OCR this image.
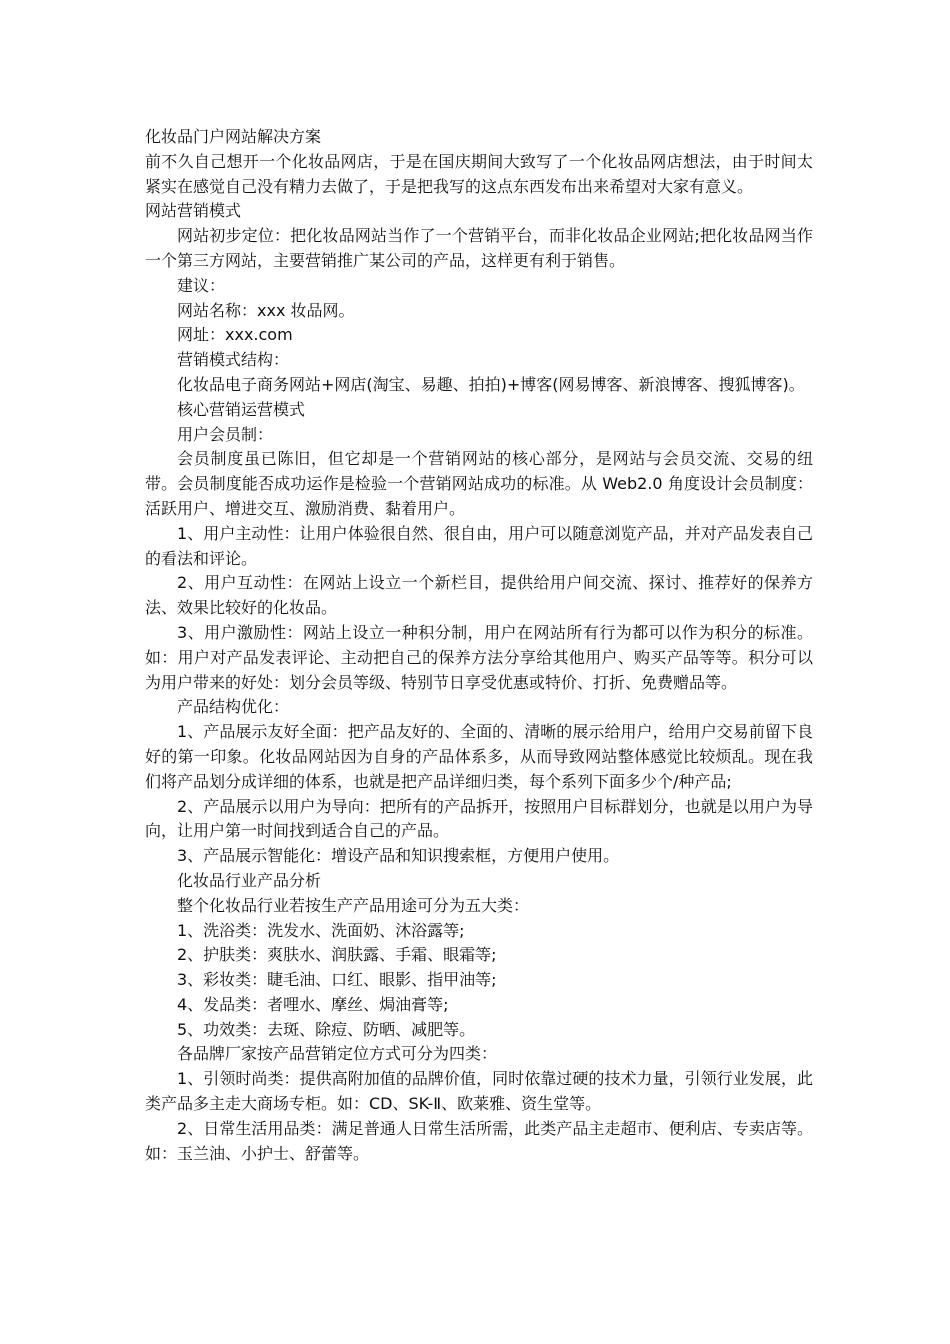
化妆品门户网站解决方案

前不久自己想开一个化妆品网店，于是在国庆期间大致写了一个化妆品网店想法，由于时间太紧实在感觉自己没有精力去做了，于是把我写的这点东西发布出来希望对大家有意义。

网站营销模式

网站初步定位：把化妆品网站当作了一个营销平台，而非化妆品企业网站;把化妆品网当作一个第三方网站，主要营销推广某公司的产品，这样更有利于销售。

建议：

网站名称：xxx 妆品网。

网址：xxx.com

营销模式结构：

化妆品电子商务网站+网店(淘宝、易趣、拍拍)+博客(网易博客、新浪博客、搜狐博客)。

核心营销运营模式

用户会员制：

会员制度虽已陈旧，但它却是一个营销网站的核心部分，是网站与会员交流、交易的纽带。会员制度能否成功运作是检验一个营销网站成功的标准。从 Web2.0 角度设计会员制度：活跃用户、增进交互、激励消费、黏着用户。

1、用户主动性：让用户体验很自然、很自由，用户可以随意浏览产品，并对产品发表自己的看法和评论。

2、用户互动性：在网站上设立一个新栏目，提供给用户间交流、探讨、推荐好的保养方法、效果比较好的化妆品。

3、用户激励性：网站上设立一种积分制，用户在网站所有行为都可以作为积分的标准。如：用户对产品发表评论、主动把自己的保养方法分享给其他用户、购买产品等等。积分可以为用户带来的好处：划分会员等级、特别节日享受优惠或特价、打折、免费赠品等。

产品结构优化：

1、产品展示友好全面：把产品友好的、全面的、清晰的展示给用户，给用户交易前留下良好的第一印象。化妆品网站因为自身的产品体系多，从而导致网站整体感觉比较烦乱。现在我们将产品划分成详细的体系，也就是把产品详细归类，每个系列下面多少个/种产品;

2、产品展示以用户为导向：把所有的产品拆开，按照用户目标群划分，也就是以用户为导向，让用户第一时间找到适合自己的产品。

3、产品展示智能化：增设产品和知识搜索框，方便用户使用。

化妆品行业产品分析

整个化妆品行业若按生产产品用途可分为五大类：

1、洗浴类：洗发水、洗面奶、沐浴露等;

2、护肤类：爽肤水、润肤露、手霜、眼霜等;

3、彩妆类：睫毛油、口红、眼影、指甲油等;

4、发品类：者哩水、摩丝、焗油膏等;

5、功效类：去斑、除痘、防晒、减肥等。

各品牌厂家按产品营销定位方式可分为四类：

1、引领时尚类：提供高附加值的品牌价值，同时依靠过硬的技术力量，引领行业发展，此类产品多主走大商场专柜。如：CD、SK-Ⅱ、欧莱雅、资生堂等。

2、日常生活用品类：满足普通人日常生活所需，此类产品主走超市、便利店、专卖店等。如：玉兰油、小护士、舒蕾等。
